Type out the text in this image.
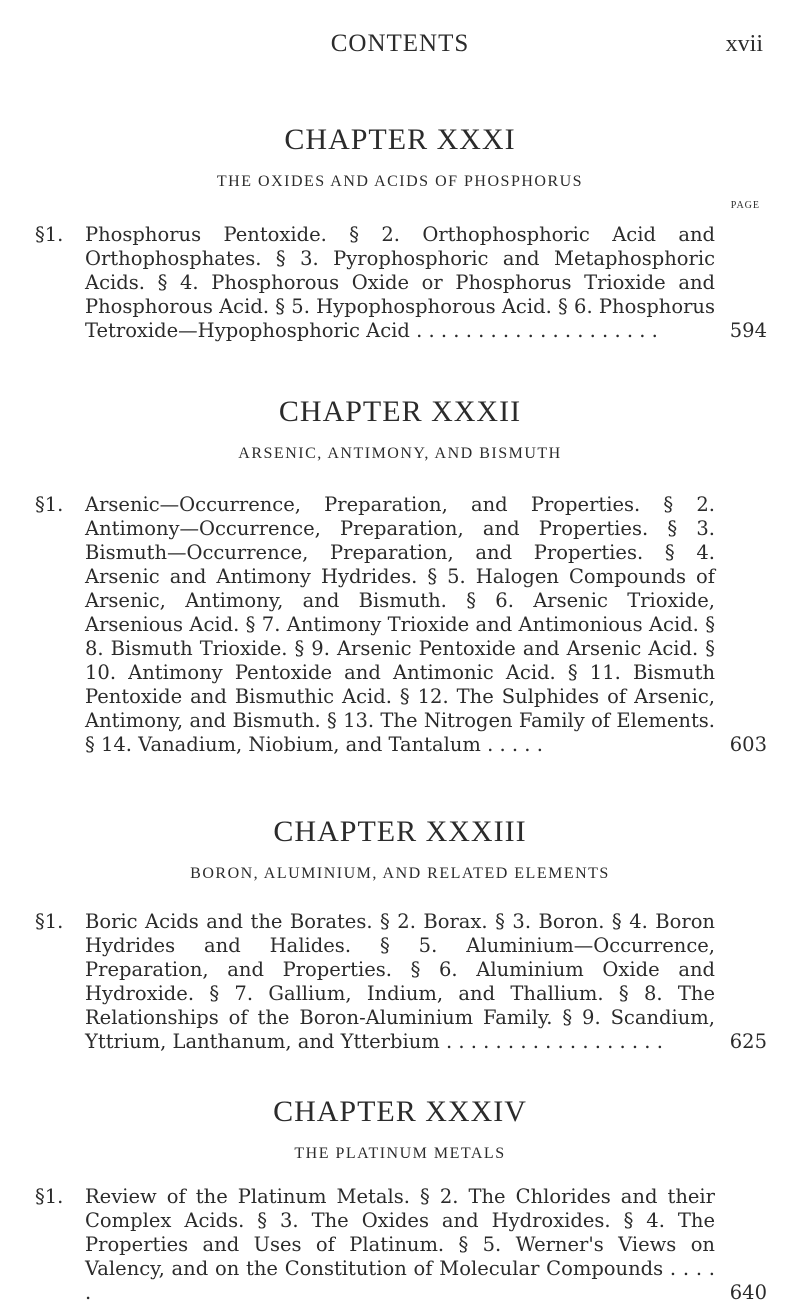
CONTENTS	xvii
CHAPTER XXXI
THE OXIDES AND ACIDS OF PHOSPHORUS
PAGE
§1. Phosphorus Pentoxide. § 2. Orthophosphoric Acid and Orthophosphates. § 3. Pyrophosphoric and Metaphosphoric Acids. § 4. Phosphorous Oxide or Phosphorus Trioxide and Phosphorous Acid. § 5. Hypophosphorous Acid. § 6. Phosphorus Tetroxide—Hypophosphoric Acid . . . . . . . . . . . . . . . . . . . .	594
CHAPTER XXXII
ARSENIC, ANTIMONY, AND BISMUTH
§1. Arsenic—Occurrence, Preparation, and Properties. § 2. Antimony—Occurrence, Preparation, and Properties. § 3. Bismuth—Occurrence, Preparation, and Properties. § 4. Arsenic and Antimony Hydrides. § 5. Halogen Compounds of Arsenic, Antimony, and Bismuth. § 6. Arsenic Trioxide, Arsenious Acid. § 7. Antimony Trioxide and Antimonious Acid. § 8. Bismuth Trioxide. § 9. Arsenic Pentoxide and Arsenic Acid. § 10. Antimony Pentoxide and Antimonic Acid. § 11. Bismuth Pentoxide and Bismuthic Acid. § 12. The Sulphides of Arsenic, Antimony, and Bismuth. § 13. The Nitrogen Family of Elements. § 14. Vanadium, Niobium, and Tantalum . . . . .	603
CHAPTER XXXIII
BORON, ALUMINIUM, AND RELATED ELEMENTS
§1. Boric Acids and the Borates. § 2. Borax. § 3. Boron. § 4. Boron Hydrides and Halides. § 5. Aluminium—Occurrence, Preparation, and Properties. § 6. Aluminium Oxide and Hydroxide. § 7. Gallium, Indium, and Thallium. § 8. The Relationships of the Boron-Aluminium Family. § 9. Scandium, Yttrium, Lanthanum, and Ytterbium . . . . . . . . . . . . . . . . . .	625
CHAPTER XXXIV
THE PLATINUM METALS
§1. Review of the Platinum Metals. § 2. The Chlorides and their Complex Acids. § 3. The Oxides and Hydroxides. § 4. The Properties and Uses of Platinum. § 5. Werner's Views on Valency, and on the Constitution of Molecular Compounds . . . . .	640
